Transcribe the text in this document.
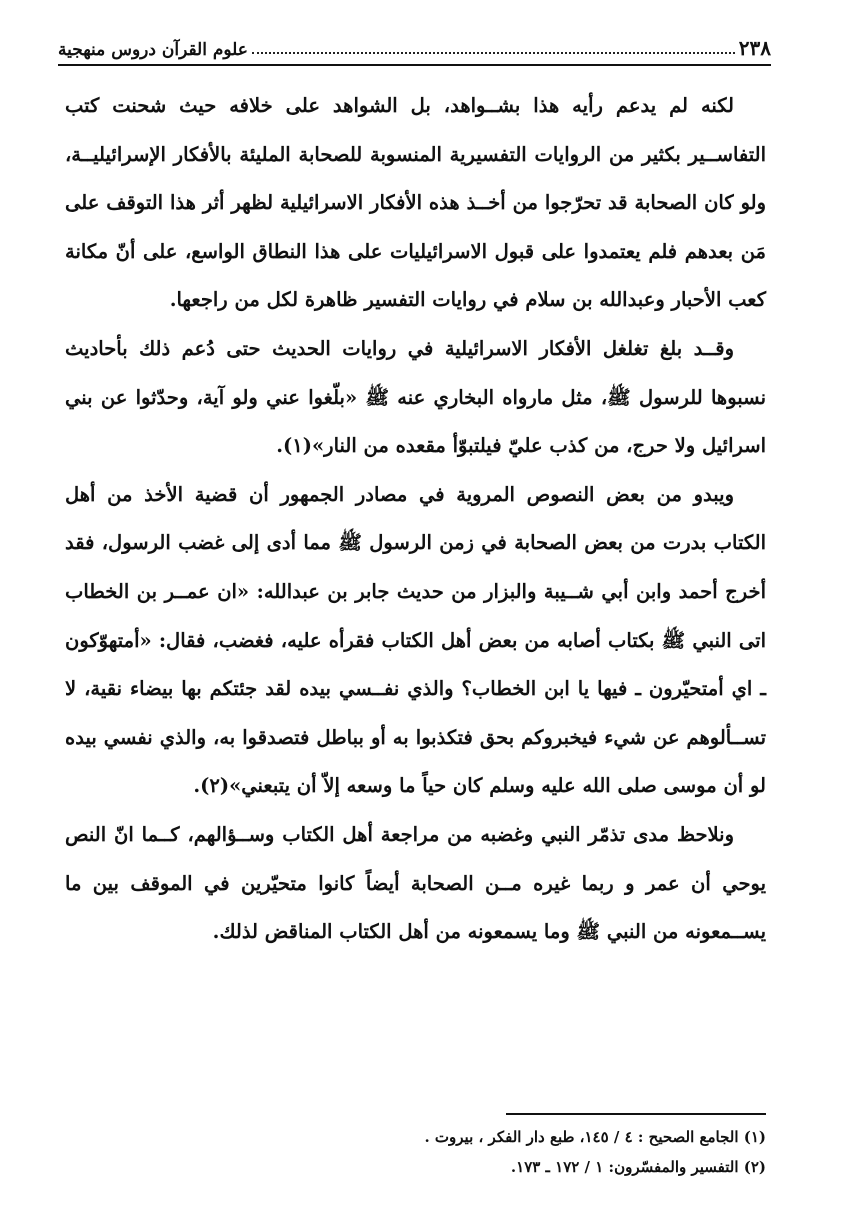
٢٣٨
علوم القرآن دروس منهجية

لكنه لم يدعم رأيه هذا بشــواهد، بل الشواهد على خلافه حيث شحنت كتب التفاســير بكثير من الروايات التفسيرية المنسوبة للصحابة المليئة بالأفكار الإسرائيليــة، ولو كان الصحابة قد تحرّجوا من أخــذ هذه الأفكار الاسرائيلية لظهر أثر هذا التوقف على مَن بعدهم فلم يعتمدوا على قبول الاسرائيليات على هذا النطاق الواسع، على أنّ مكانة كعب الأحبار وعبدالله بن سلام في روايات التفسير ظاهرة لكل من راجعها.

وقــد بلغ تغلغل الأفكار الاسرائيلية في روايات الحديث حتى دُعم ذلك بأحاديث نسبوها للرسول ﷺ، مثل مارواه البخاري عنه ﷺ «بلّغوا عني ولو آية، وحدّثوا عن بني اسرائيل ولا حرج، من كذب عليّ فيلتبوّأ مقعده من النار»(١).

ويبدو من بعض النصوص المروية في مصادر الجمهور أن قضية الأخذ من أهل الكتاب بدرت من بعض الصحابة في زمن الرسول ﷺ مما أدى إلى غضب الرسول، فقد أخرج أحمد وابن أبي شــيبة والبزار من حديث جابر بن عبدالله: «ان عمــر بن الخطاب اتى النبي ﷺ بكتاب أصابه من بعض أهل الكتاب فقرأه عليه، فغضب، فقال: «أمتهوّكون ـ اي أمتحيّرون ـ فيها يا ابن الخطاب؟ والذي نفــسي بيده لقد جئتكم بها بيضاء نقية، لا تســألوهم عن شيء فيخبروكم بحق فتكذبوا به أو بباطل فتصدقوا به، والذي نفسي بيده لو أن موسى صلى الله عليه وسلم كان حياً ما وسعه إلاّ أن يتبعني»(٢).

ونلاحظ مدى تذمّر النبي وغضبه من مراجعة أهل الكتاب وســؤالهم، كــما انّ النص يوحي أن عمر و ربما غيره مــن الصحابة أيضاً كانوا متحيّرين في الموقف بين ما يســمعونه من النبي ﷺ وما يسمعونه من أهل الكتاب المناقض لذلك.

(١) الجامع الصحيح : ٤ / ١٤٥، طبع دار الفكر ، بيروت .
(٢) التفسير والمفسّرون: ١ / ١٧٢ ـ ١٧٣.
